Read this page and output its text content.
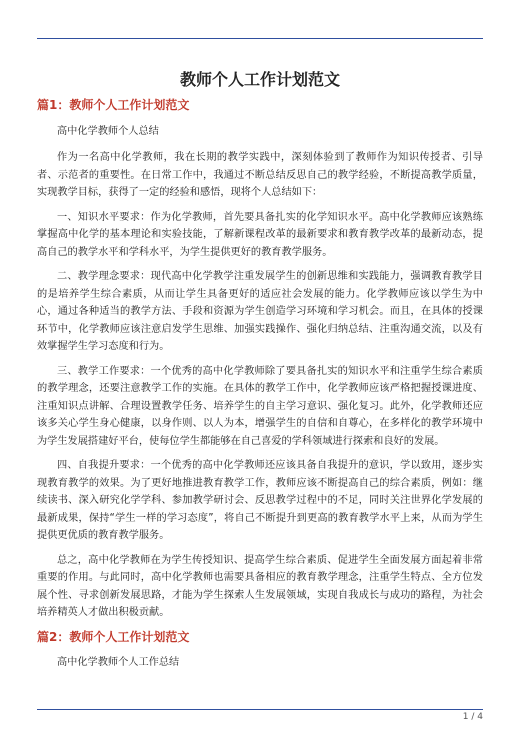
教师个人工作计划范文
篇1：教师个人工作计划范文
高中化学教师个人总结

作为一名高中化学教师，我在长期的教学实践中，深刻体验到了教师作为知识传授者、引导者、示范者的重要性。在日常工作中，我通过不断总结反思自己的教学经验，不断提高教学质量，实现教学目标，获得了一定的经验和感悟，现将个人总结如下：

一、知识水平要求：作为化学教师，首先要具备扎实的化学知识水平。高中化学教师应该熟练掌握高中化学的基本理论和实验技能，了解新课程改革的最新要求和教育教学改革的最新动态，提高自己的教学水平和学科水平，为学生提供更好的教育教学服务。

二、教学理念要求：现代高中化学教学注重发展学生的创新思维和实践能力，强调教育教学目的是培养学生综合素质，从而让学生具备更好的适应社会发展的能力。化学教师应该以学生为中心，通过各种适当的教学方法、手段和资源为学生创造学习环境和学习机会。而且，在具体的授课环节中，化学教师应该注意启发学生思维、加强实践操作、强化归纳总结、注重沟通交流，以及有效掌握学生学习态度和行为。

三、教学工作要求：一个优秀的高中化学教师除了要具备扎实的知识水平和注重学生综合素质的教学理念，还要注意教学工作的实施。在具体的教学工作中，化学教师应该严格把握授课进度、注重知识点讲解、合理设置教学任务、培养学生的自主学习意识、强化复习。此外，化学教师还应该多关心学生身心健康，以身作则、以人为本，增强学生的自信和自尊心，在多样化的教学环境中为学生发展搭建好平台，使每位学生都能够在自己喜爱的学科领域进行探索和良好的发展。

四、自我提升要求：一个优秀的高中化学教师还应该具备自我提升的意识，学以致用，逐步实现教育教学的效果。为了更好地推进教育教学工作，教师应该不断提高自己的综合素质，例如：继续读书、深入研究化学学科、参加教学研讨会、反思教学过程中的不足，同时关注世界化学发展的最新成果，保持“学生一样的学习态度”，将自己不断提升到更高的教育教学水平上来，从而为学生提供更优质的教育教学服务。

总之，高中化学教师在为学生传授知识、提高学生综合素质、促进学生全面发展方面起着非常重要的作用。与此同时，高中化学教师也需要具备相应的教育教学理念，注重学生特点、全方位发展个性、寻求创新发展思路，才能为学生探索人生发展领域，实现自我成长与成功的路程，为社会培养精英人才做出积极贡献。

篇2：教师个人工作计划范文
高中化学教师个人工作总结
1 / 4
